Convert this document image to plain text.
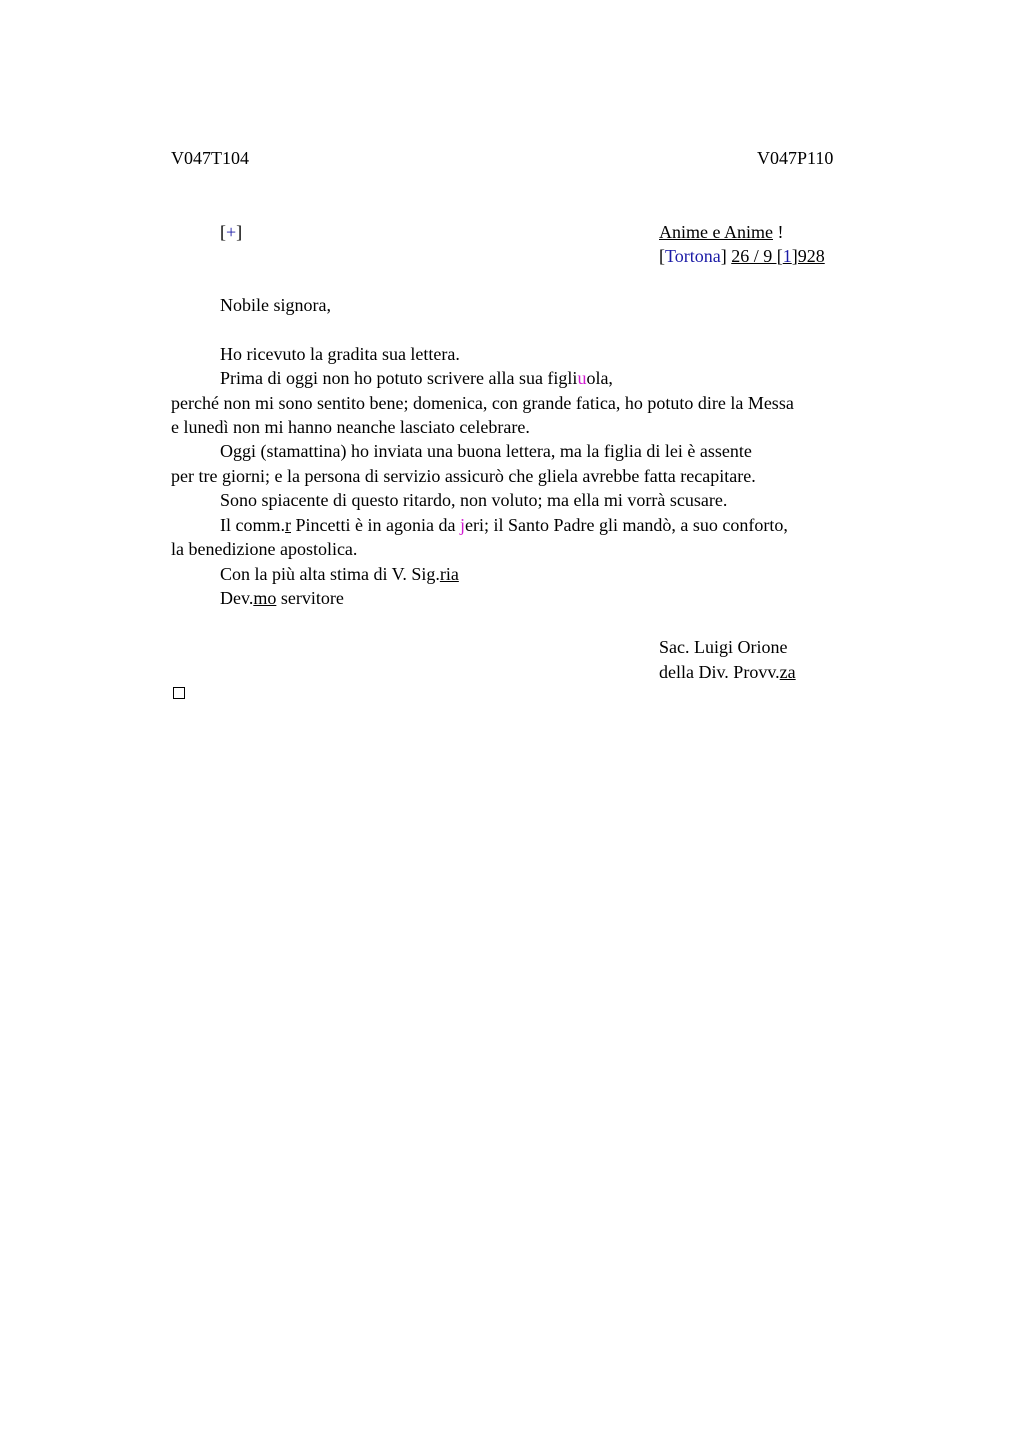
V047T104	V047P110
[+]	Anime e Anime !
[Tortona] 26 / 9 [1]928
Nobile signora,
Ho ricevuto la gradita sua lettera.
Prima di oggi non ho potuto scrivere alla sua figliuola,
perché non mi sono sentito bene; domenica, con grande fatica, ho potuto dire la Messa
e lunedì non mi hanno neanche lasciato celebrare.
Oggi (stamattina) ho inviata una buona lettera, ma la figlia di lei è assente
per tre giorni; e la persona di servizio assicurò che gliela avrebbe fatta recapitare.
Sono spiacente di questo ritardo, non voluto; ma ella mi vorrà scusare.
Il comm.r Pincetti è in agonia da jeri; il Santo Padre gli mandò, a suo conforto,
la benedizione apostolica.
Con la più alta stima di V. Sig.ria
Dev.mo servitore
Sac. Luigi Orione
della Div. Provv.za
